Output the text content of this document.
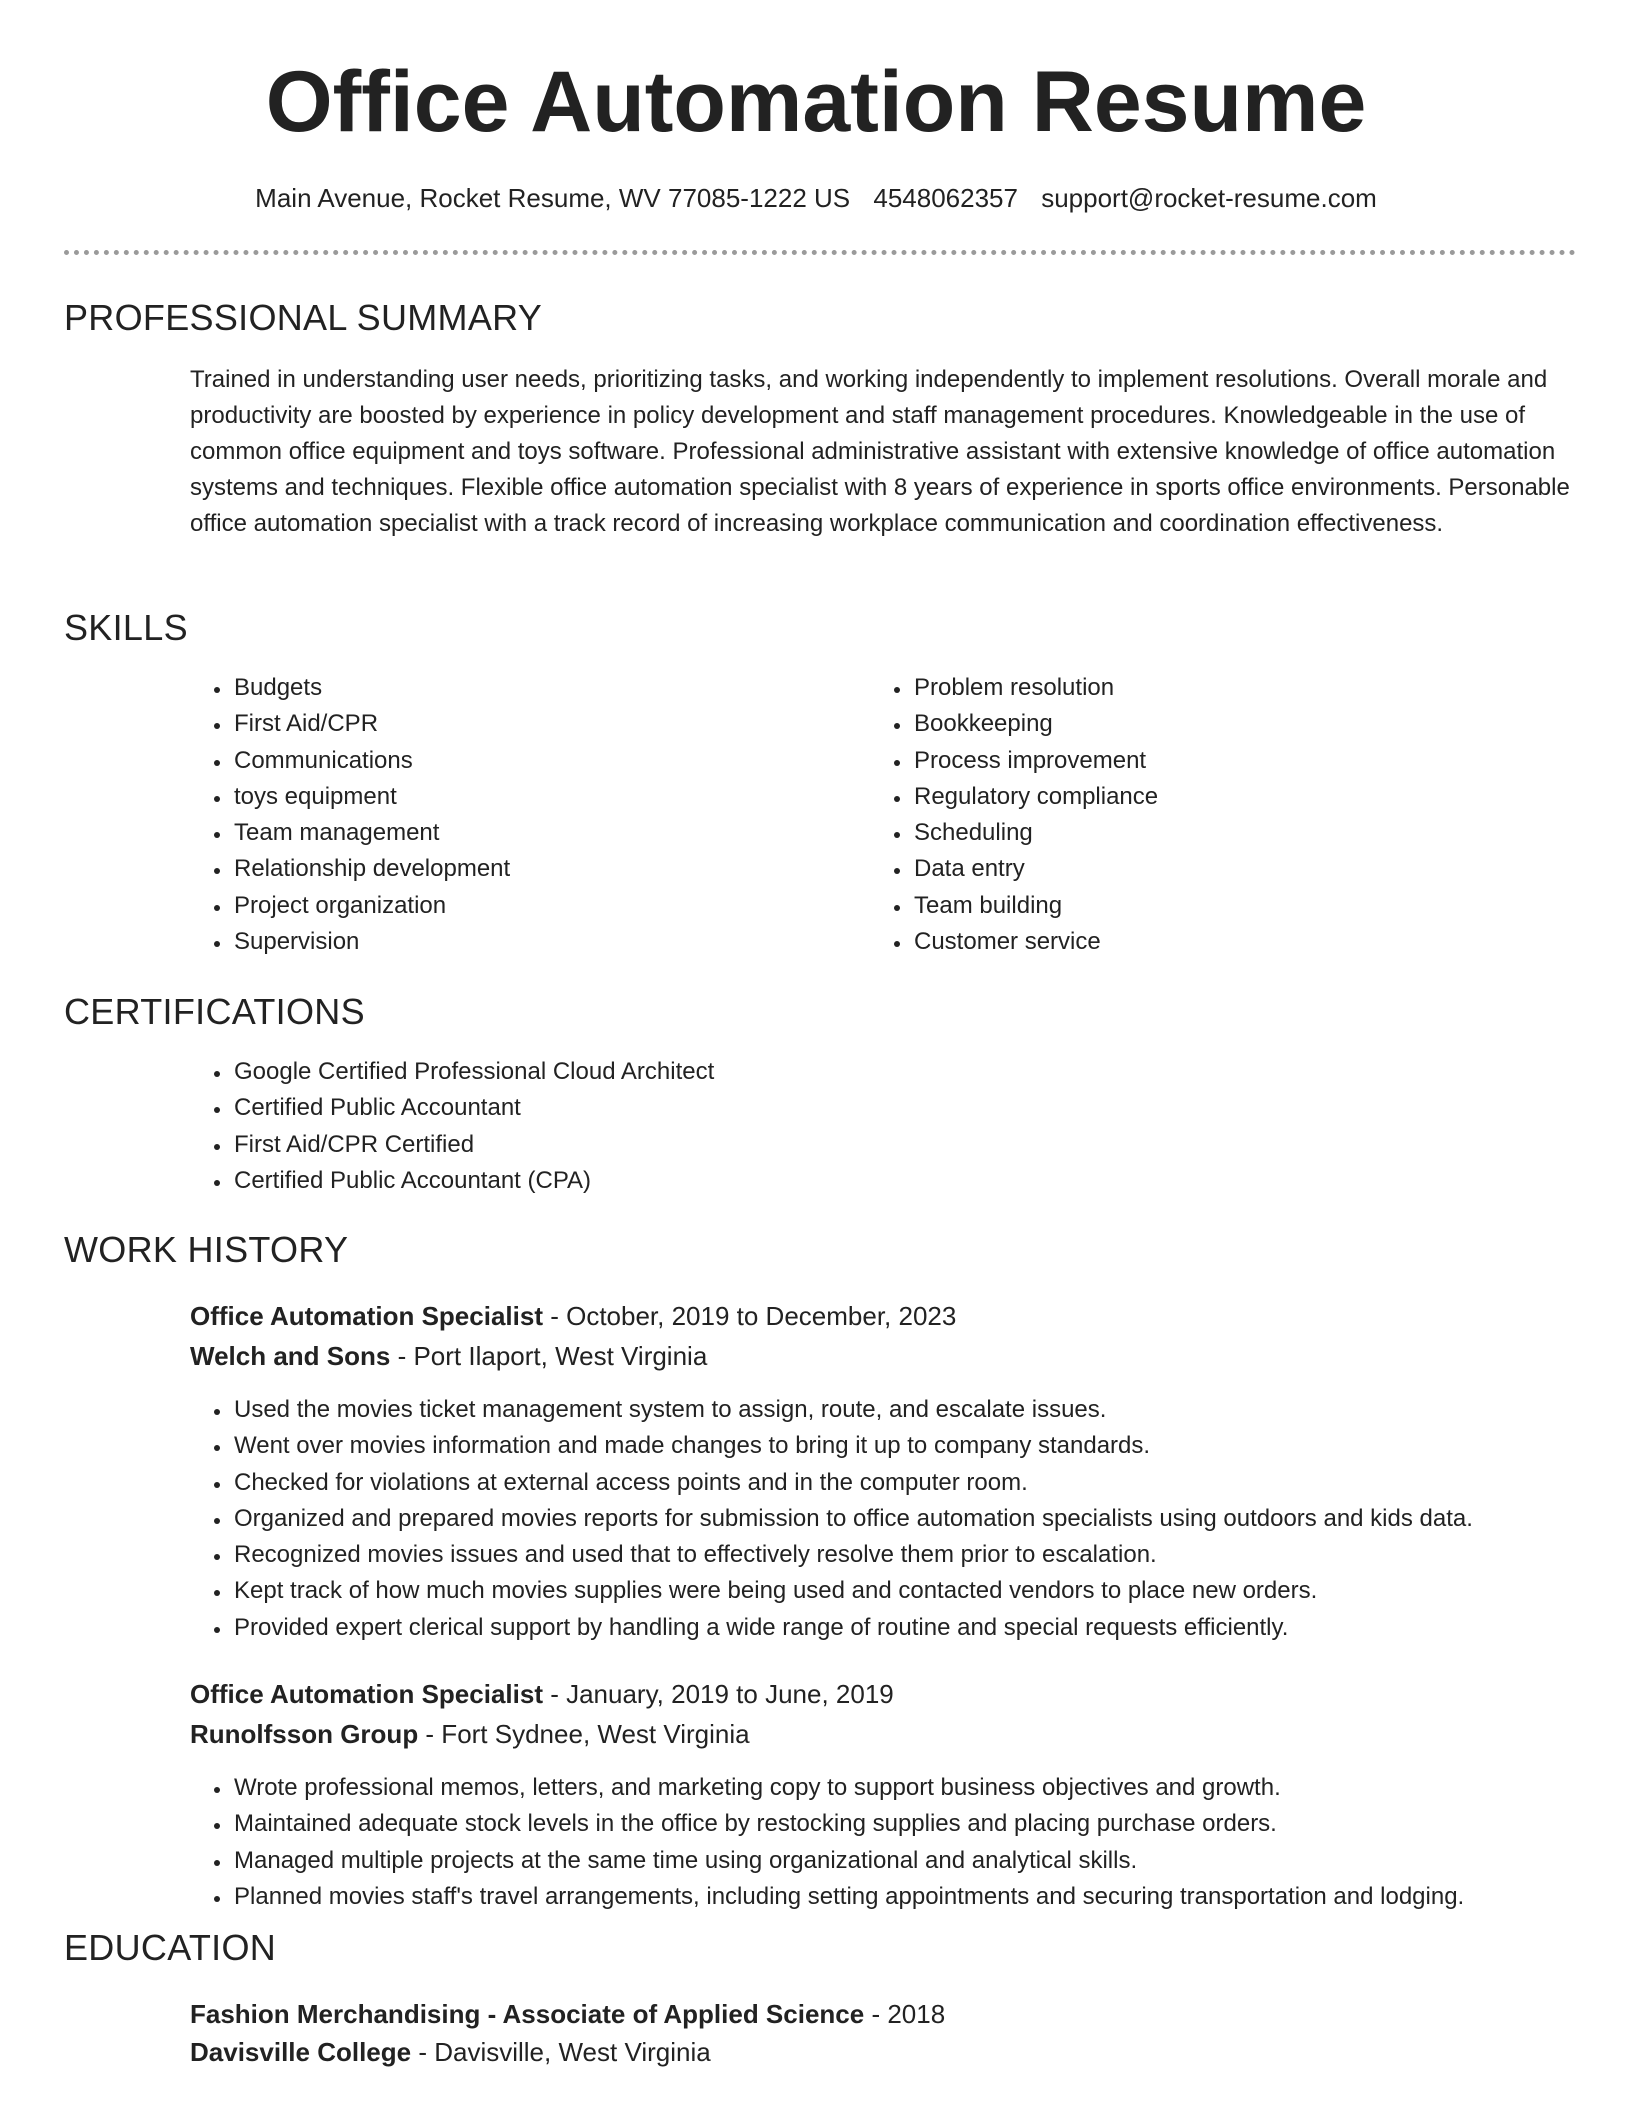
Office Automation Resume
Main Avenue, Rocket Resume, WV 77085-1222 US 4548062357 support@rocket-resume.com
PROFESSIONAL SUMMARY

Trained in understanding user needs, prioritizing tasks, and working independently to implement resolutions. Overall morale and productivity are boosted by experience in policy development and staff management procedures. Knowledgeable in the use of common office equipment and toys software. Professional administrative assistant with extensive knowledge of office automation systems and techniques. Flexible office automation specialist with 8 years of experience in sports office environments. Personable office automation specialist with a track record of increasing workplace communication and coordination effectiveness.

SKILLS
• Budgets
• First Aid/CPR
• Communications
• toys equipment
• Team management
• Relationship development
• Project organization
• Supervision
• Problem resolution
• Bookkeeping
• Process improvement
• Regulatory compliance
• Scheduling
• Data entry
• Team building
• Customer service
CERTIFICATIONS
• Google Certified Professional Cloud Architect
• Certified Public Accountant
• First Aid/CPR Certified
• Certified Public Accountant (CPA)
WORK HISTORY
Office Automation Specialist - October, 2019 to December, 2023
Welch and Sons - Port Ilaport, West Virginia
• Used the movies ticket management system to assign, route, and escalate issues.
• Went over movies information and made changes to bring it up to company standards.
• Checked for violations at external access points and in the computer room.
• Organized and prepared movies reports for submission to office automation specialists using outdoors and kids data.
• Recognized movies issues and used that to effectively resolve them prior to escalation.
• Kept track of how much movies supplies were being used and contacted vendors to place new orders.
• Provided expert clerical support by handling a wide range of routine and special requests efficiently.
Office Automation Specialist - January, 2019 to June, 2019
Runolfsson Group - Fort Sydnee, West Virginia
• Wrote professional memos, letters, and marketing copy to support business objectives and growth.
• Maintained adequate stock levels in the office by restocking supplies and placing purchase orders.
• Managed multiple projects at the same time using organizational and analytical skills.
• Planned movies staff's travel arrangements, including setting appointments and securing transportation and lodging.
EDUCATION
Fashion Merchandising - Associate of Applied Science - 2018
Davisville College - Davisville, West Virginia
